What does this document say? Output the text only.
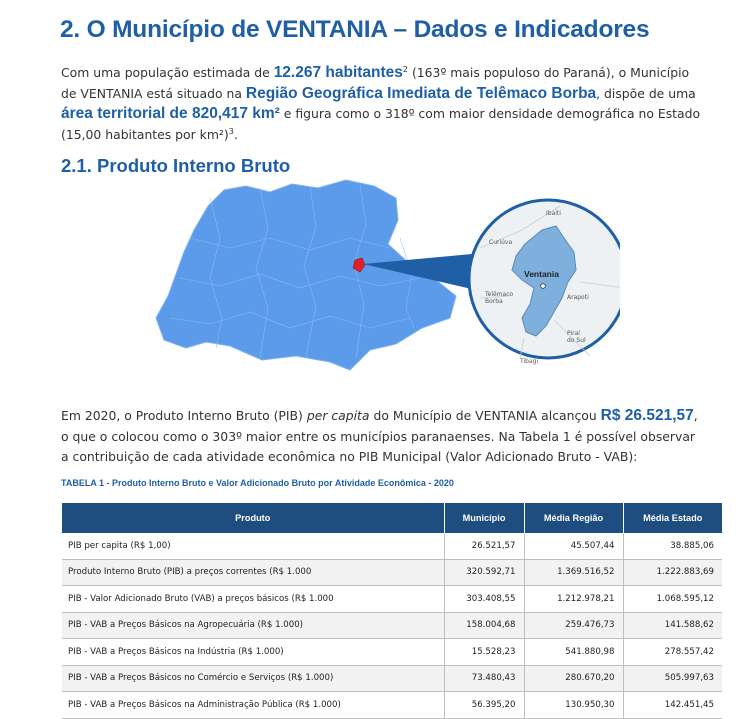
2. O Município de VENTANIA – Dados e Indicadores

Com uma população estimada de 12.267 habitantes$^2$ (163º mais populoso do Paraná), o Município de VENTANIA está situado na Região Geográfica Imediata de Telêmaco Borba, dispõe de uma área territorial de 820,417 km² e figura como o 318º com maior densidade demográfica no Estado (15,00 habitantes por km²)$^3$.

2.1. Produto Interno Bruto
Ibaiti
Curiúva
Telêmaco
Borba
Arapoti
Piraí
do Sul
Tibagi
Ventania

Em 2020, o Produto Interno Bruto (PIB) per capita do Município de VENTANIA alcançou R$ 26.521,57, o que o colocou como o 303º maior entre os municípios paranaenses. Na Tabela 1 é possível observar a contribuição de cada atividade econômica no PIB Municipal (Valor Adicionado Bruto - VAB):

TABELA 1 - Produto Interno Bruto e Valor Adicionado Bruto por Atividade Econômica - 2020

Produto	Município	Média Região	Média Estado
PIB per capita (R$ 1,00)	26.521,57	45.507,44	38.885,06
Produto Interno Bruto (PIB) a preços correntes (R$ 1.000	320.592,71	1.369.516,52	1.222.883,69
PIB - Valor Adicionado Bruto (VAB) a preços básicos (R$ 1.000	303.408,55	1.212.978,21	1.068.595,12
PIB - VAB a Preços Básicos na Agropecuária (R$ 1.000)	158.004,68	259.476,73	141.588,62
PIB - VAB a Preços Básicos na Indústria (R$ 1.000)	15.528,23	541.880,98	278.557,42
PIB - VAB a Preços Básicos no Comércio e Serviços (R$ 1.000)	73.480,43	280.670,20	505.997,63
PIB - VAB a Preços Básicos na Administração Pública (R$ 1.000)	56.395,20	130.950,30	142.451,45
